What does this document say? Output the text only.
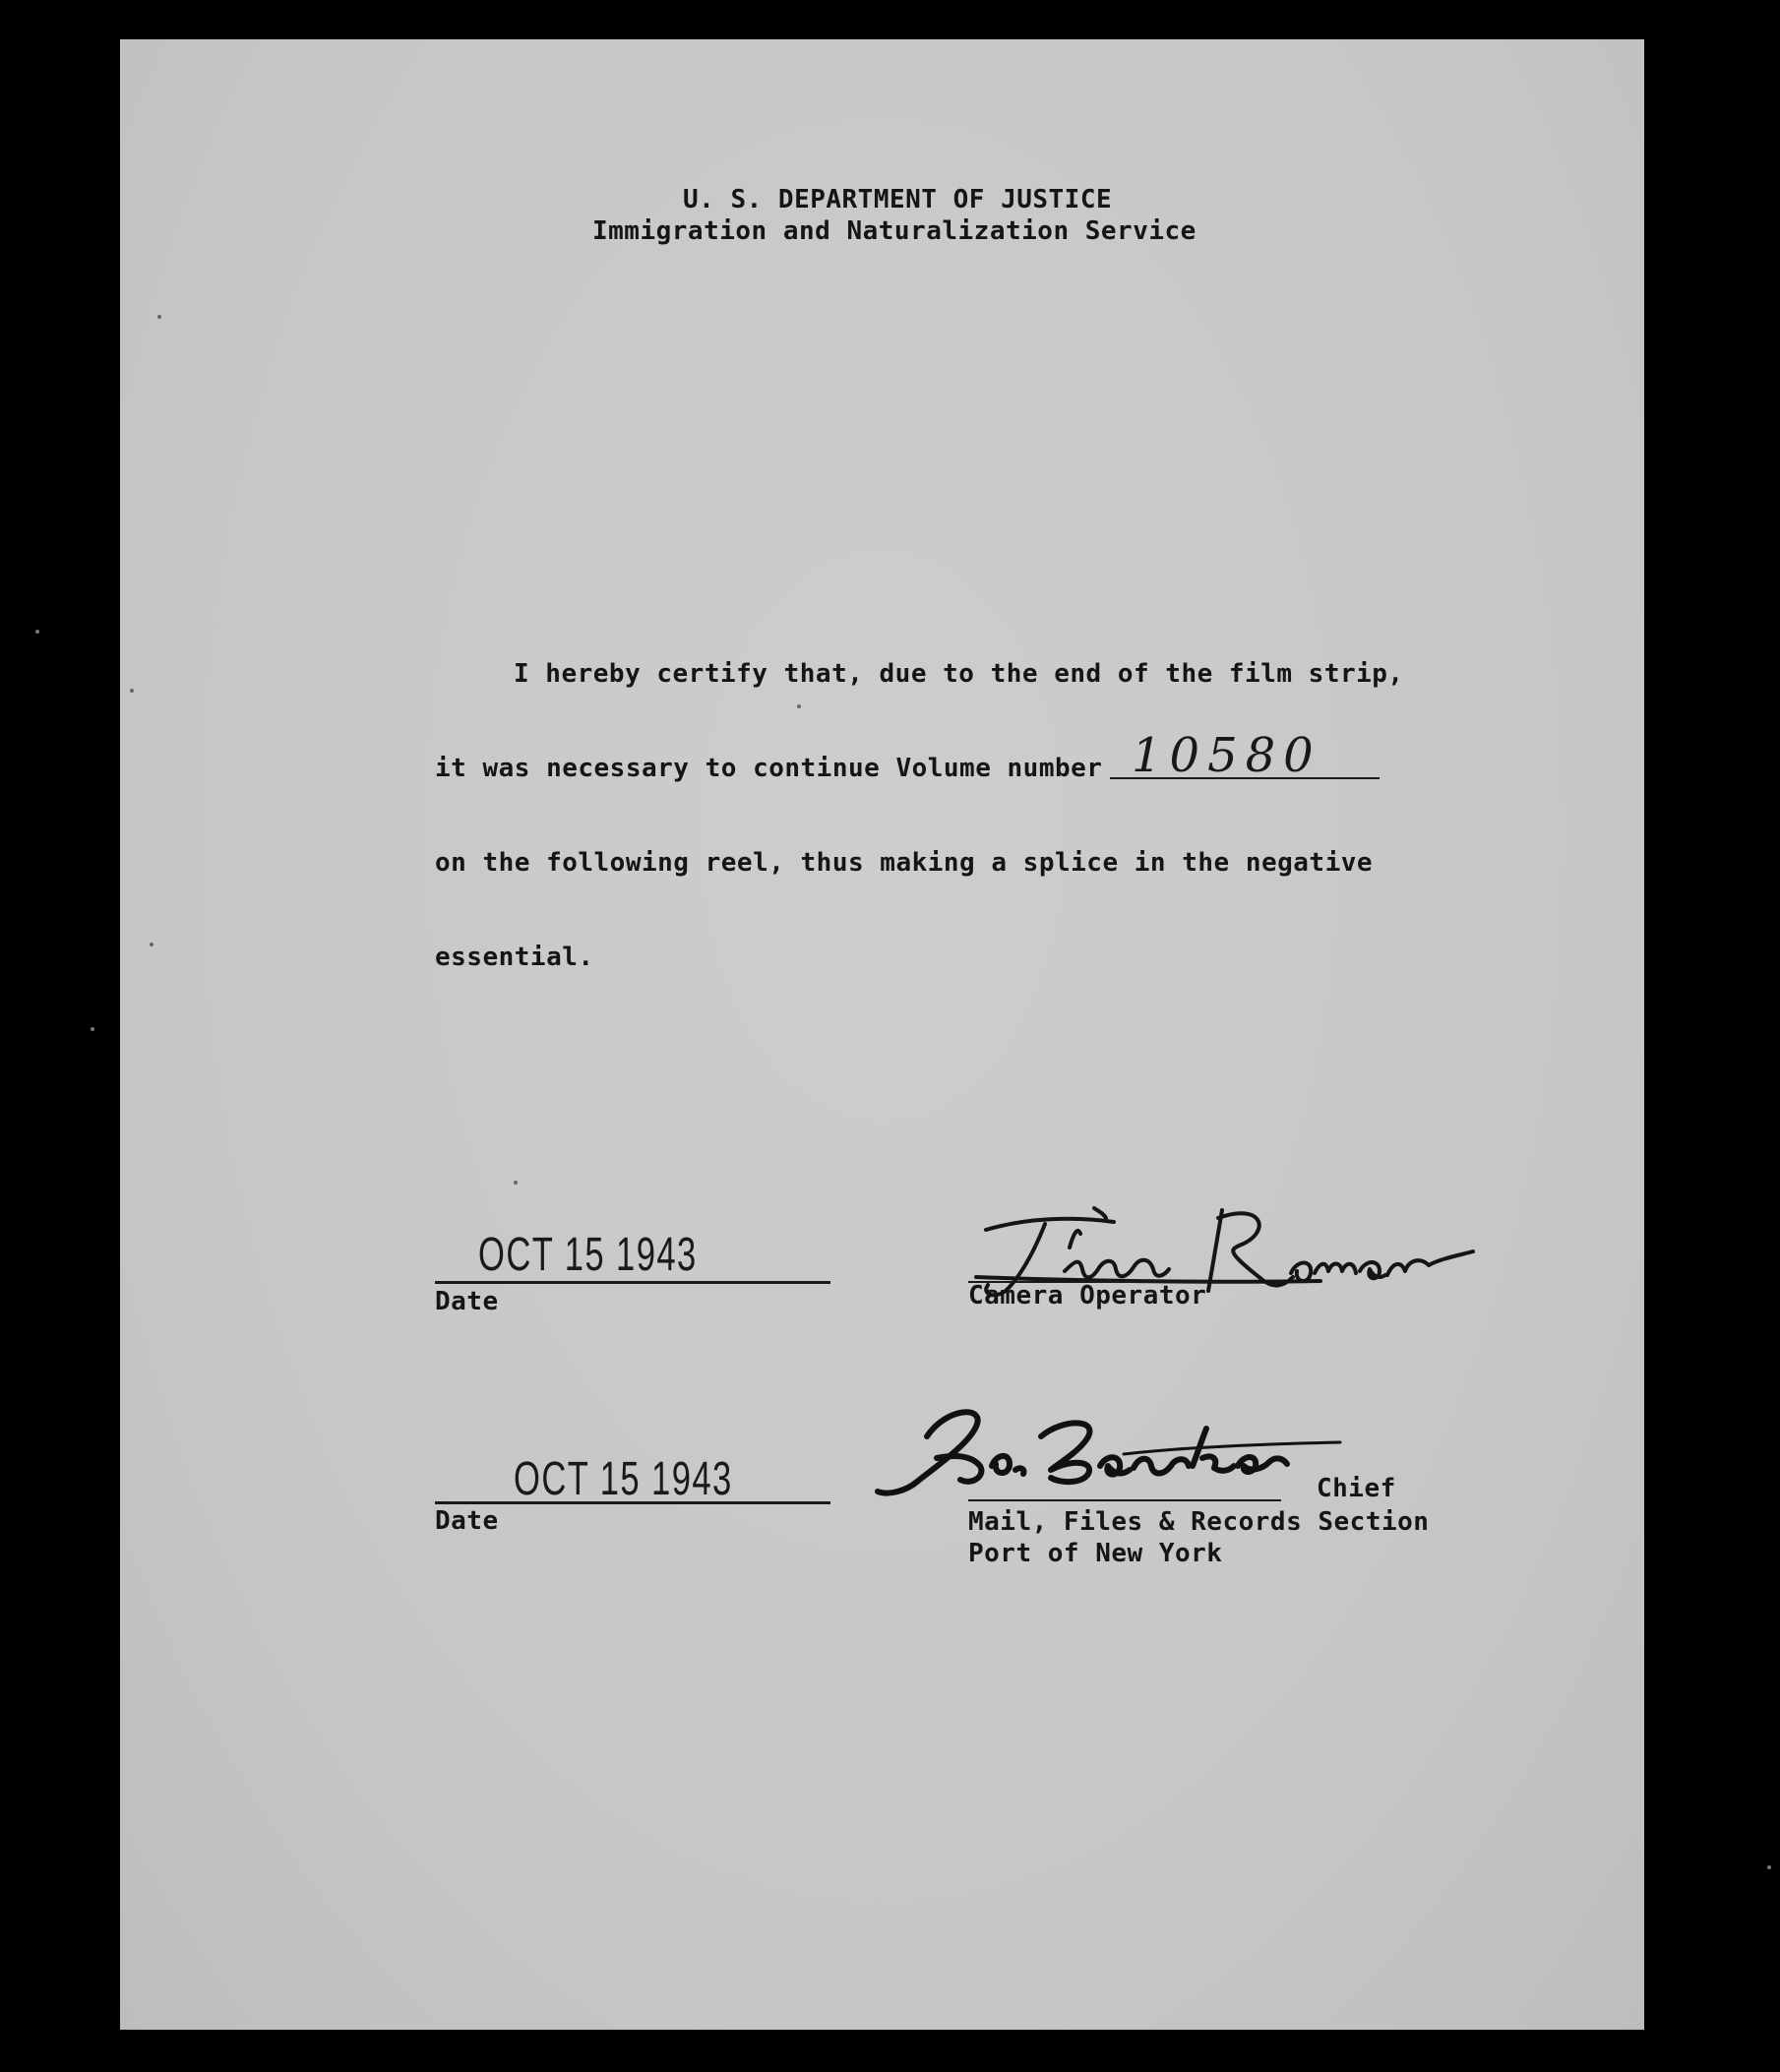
U. S. DEPARTMENT OF JUSTICE
Immigration and Naturalization Service
I hereby certify that, due to the end of the film strip,
it was necessary to continue Volume number 10580
on the following reel, thus making a splice in the negative
essential.
OCT 15 1943
Date	Camera Operator
OCT 15 1943
Date
Chief
Mail, Files & Records Section
Port of New York
